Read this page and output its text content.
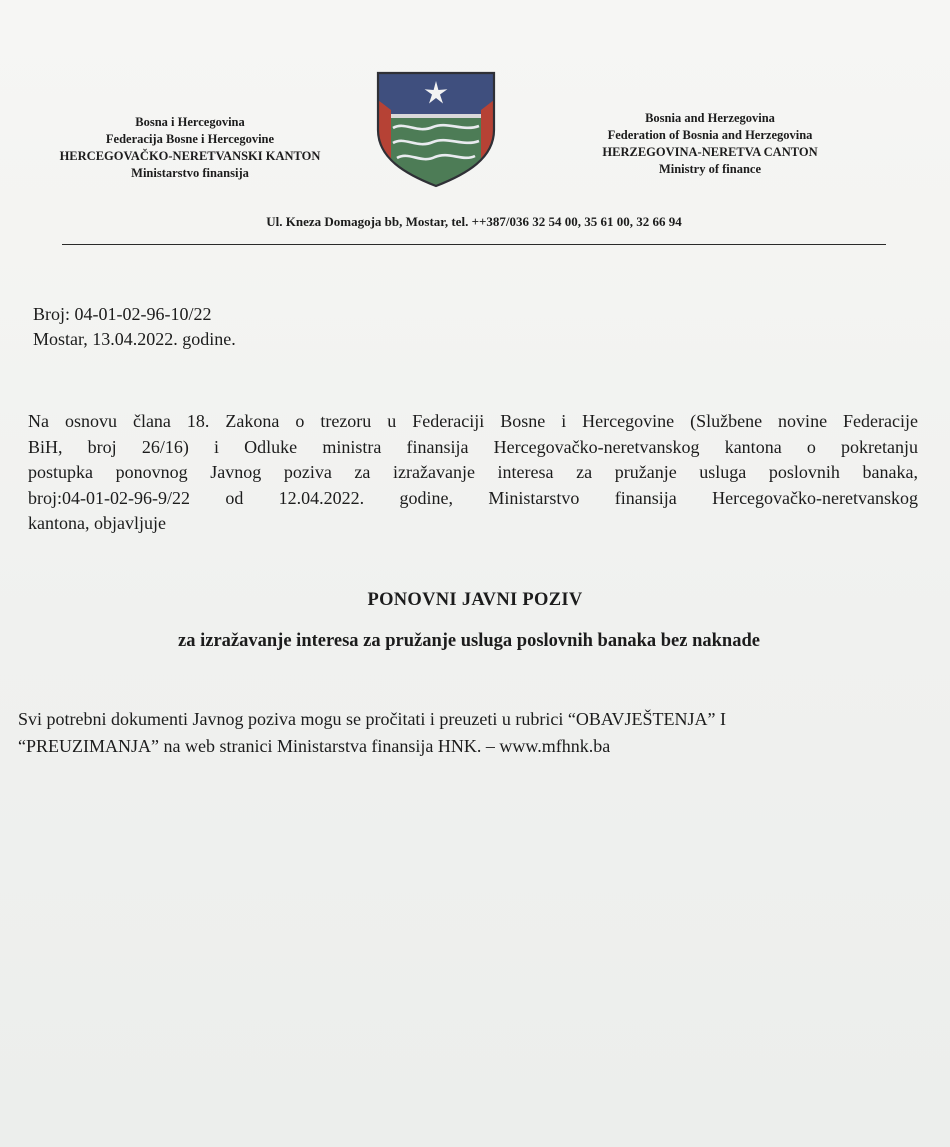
Bosna i Hercegovina
Federacija Bosne i Hercegovine
HERCEGOVAČKO-NERETVANSKI KANTON
Ministarstvo finansija
Bosnia and Herzegovina
Federation of Bosnia and Herzegovina
HERZEGOVINA-NERETVA CANTON
Ministry of finance
Ul. Kneza Domagoja bb, Mostar, tel. ++387/036 32 54 00, 35 61 00, 32 66 94
Broj: 04-01-02-96-10/22
Mostar, 13.04.2022. godine.
Na osnovu člana 18. Zakona o trezoru u Federaciji Bosne i Hercegovine (Službene novine Federacije
BiH, broj 26/16) i Odluke ministra finansija Hercegovačko-neretvanskog kantona o pokretanju
postupka ponovnog Javnog poziva za izražavanje interesa za pružanje usluga poslovnih banaka,
broj:04-01-02-96-9/22 od 12.04.2022. godine, Ministarstvo finansija Hercegovačko-neretvanskog
kantona, objavljuje
PONOVNI JAVNI POZIV
za izražavanje interesa za pružanje usluga poslovnih banaka bez naknade
Svi potrebni dokumenti Javnog poziva mogu se pročitati i preuzeti u rubrici “OBAVJEŠTENJA” I
“PREUZIMANJA” na web stranici Ministarstva finansija HNK. – www.mfhnk.ba
